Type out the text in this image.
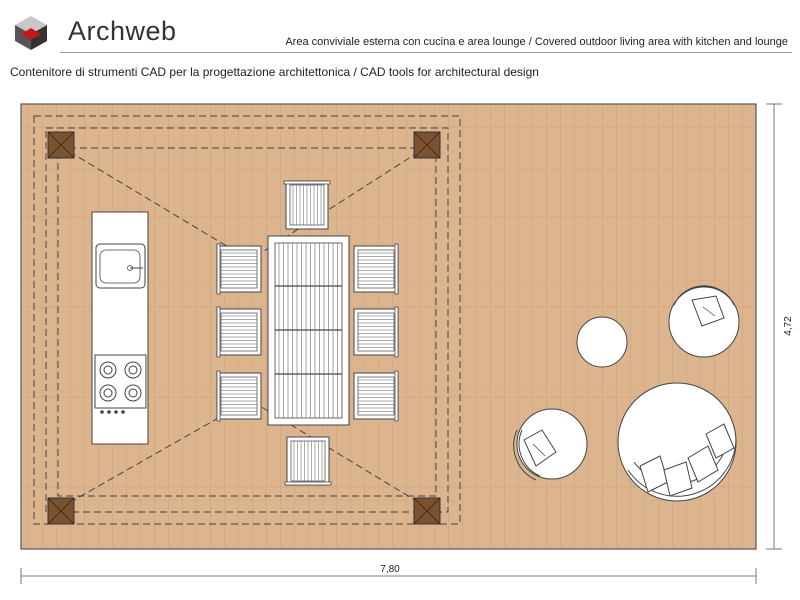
Archweb	Area conviviale esterna con cucina e area lounge / Covered outdoor living area with kitchen and lounge
Contenitore di strumenti CAD per la progettazione architettonica / CAD tools for architectural design
7,80
4,72
